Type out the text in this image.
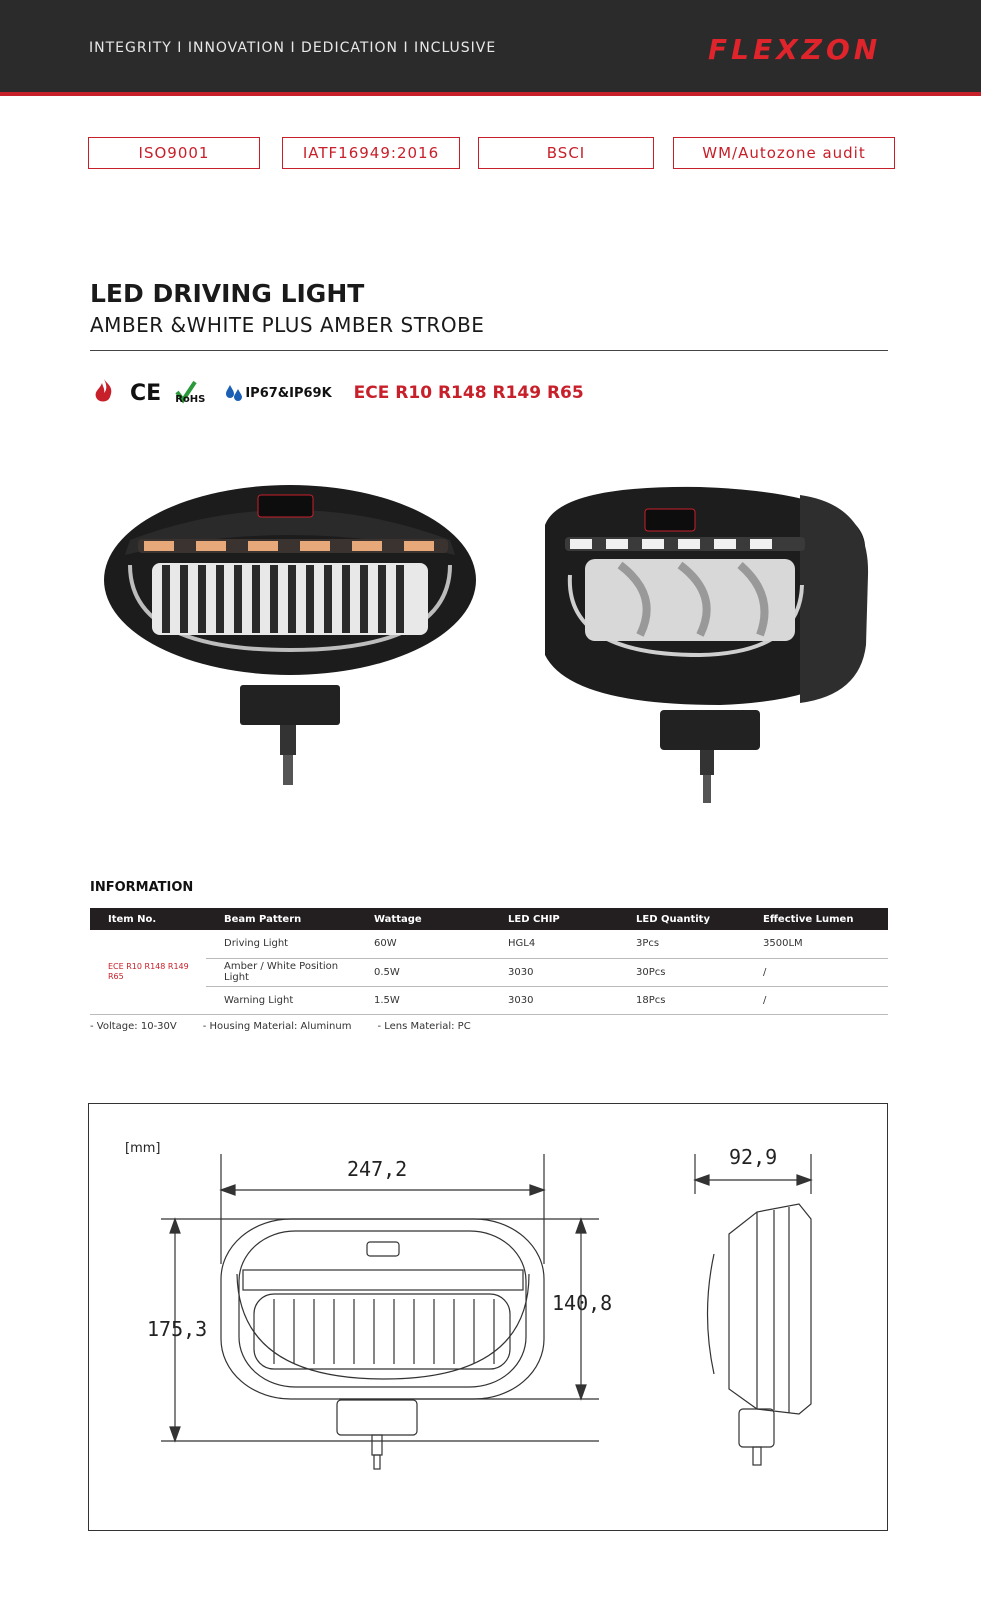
INTEGRITY I INNOVATION I DEDICATION I INCLUSIVE	FLEXZON
ISO9001	IATF16949:2016	BSCI	WM/Autozone audit
LED DRIVING LIGHT
AMBER &WHITE PLUS AMBER STROBE
CE RoHS	IP67&IP69K ECE R10 R148 R149 R65
INFORMATION
Item No.	Beam Pattern	Wattage	LED CHIP	LED Quantity	Effective Lumen
ECE R10 R148 R149 R65	Driving Light	60W	HGL4	3Pcs	3500LM
	Amber / White Position Light	0.5W	3030	30Pcs	/
	Warning Light	1.5W	3030	18Pcs	/
- Voltage: 10-30V	- Housing Material: Aluminum	- Lens Material: PC
[mm]
247,2
175,3
140,8
92,9
